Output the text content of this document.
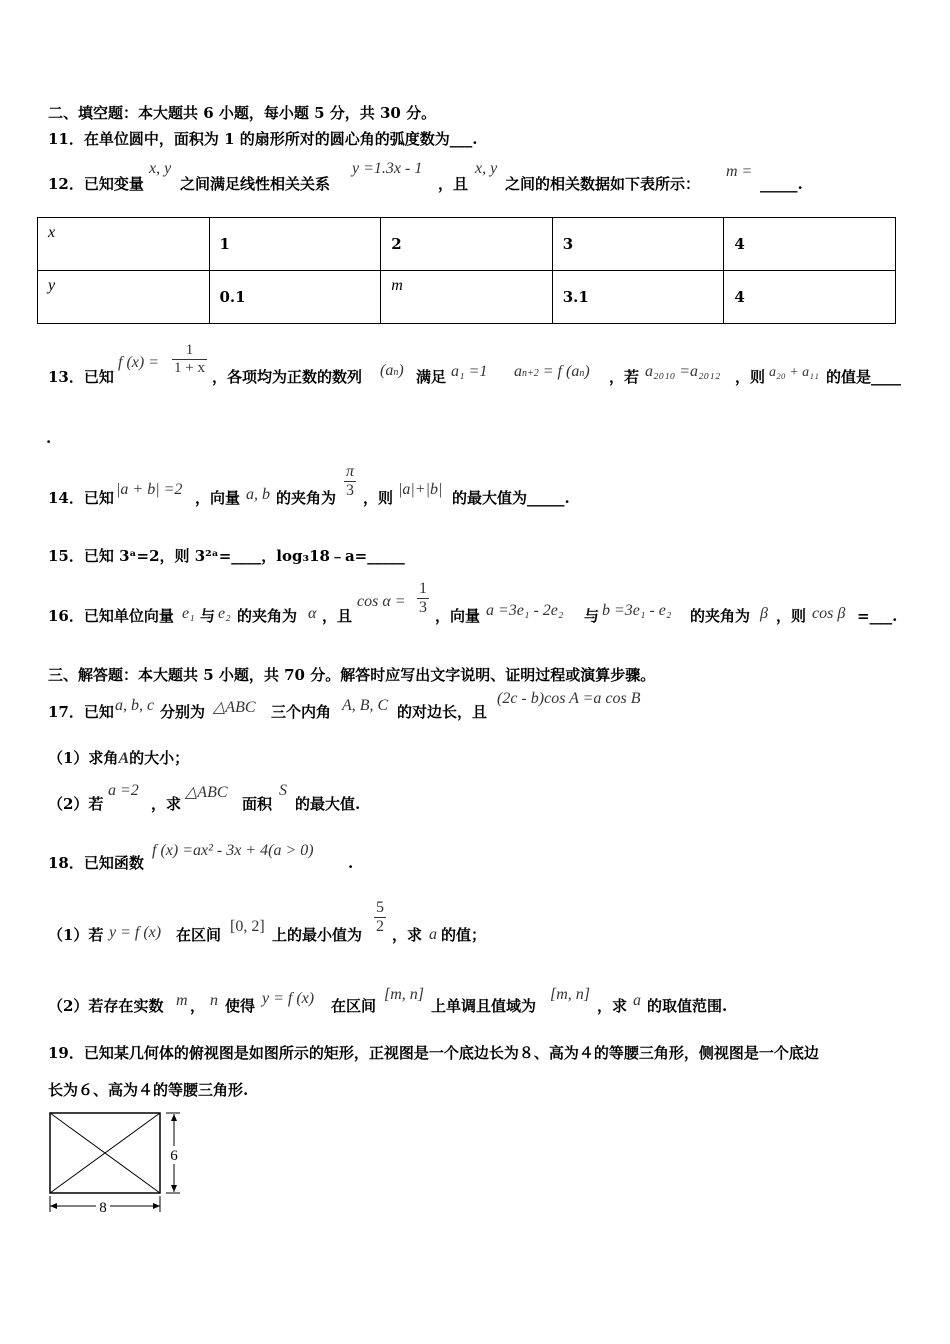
二、填空题：本大题共 6 小题，每小题 5 分，共 30 分。
11．在单位圆中，面积为 1 的扇形所对的圆心角的弧度数为___.
12．已知变量
x, y
之间满足线性相关关系
y =1.3x - 1
，且
x, y
之间的相关数据如下表所示：
m =
_____.
x	1	2	3	4
y	0.1	m	3.1	4
13．已知
f $(x) = \frac{1}{1 + x}$ ，各项均为正数的数列 (an) 满足 a₁ =1 an+2 = f (an) ，若 a₂₀₁₀ =a₂₀₁₂ ，则 a₂₀ + a₁₁ 的值是____
.
14．已知 |a + b| =2 ，向量 a, b 的夹角为 $\frac{\pi}{3}$ ，则 |a|+|b| 的最大值为_____.
15．已知 3ᵃ=2，则 3²ᵃ=____，log₃18﹣a=_____
16．已知单位向量 e₁ 与 e₂ 的夹角为 α ，且
$\cos \alpha = \frac{1}{3}$ ，向量 a =3e₁ - 2e₂ 与 b =3e₁ - e₂ 的夹角为 β ，则 cos β =___.
三、解答题：本大题共 5 小题，共 70 分。解答时应写出文字说明、证明过程或演算步骤。
17．已知 a, b, c 分别为 △ABC 三个内角 A, B, C 的对边长，且
(2c - b)cos A =a cos B
（1）求角A的大小；
（2）若
a =2
，求
△ABC
面积
S
的最大值.
18．已知函数
f (x) =ax² - 3x + 4(a > 0)
.
（1）若 y = f (x) 在区间 [0, 2] 上的最小值为 $\frac{5}{2}$ ，求 a 的值；
（2）若存在实数 m ， n 使得 y = f (x) 在区间
[m, n]
上单调且值域为
[m, n]
，求 a 的取值范围.
19．已知某几何体的俯视图是如图所示的矩形，正视图是一个底边长为８、高为４的等腰三角形，侧视图是一个底边
长为６、高为４的等腰三角形.
6
8
